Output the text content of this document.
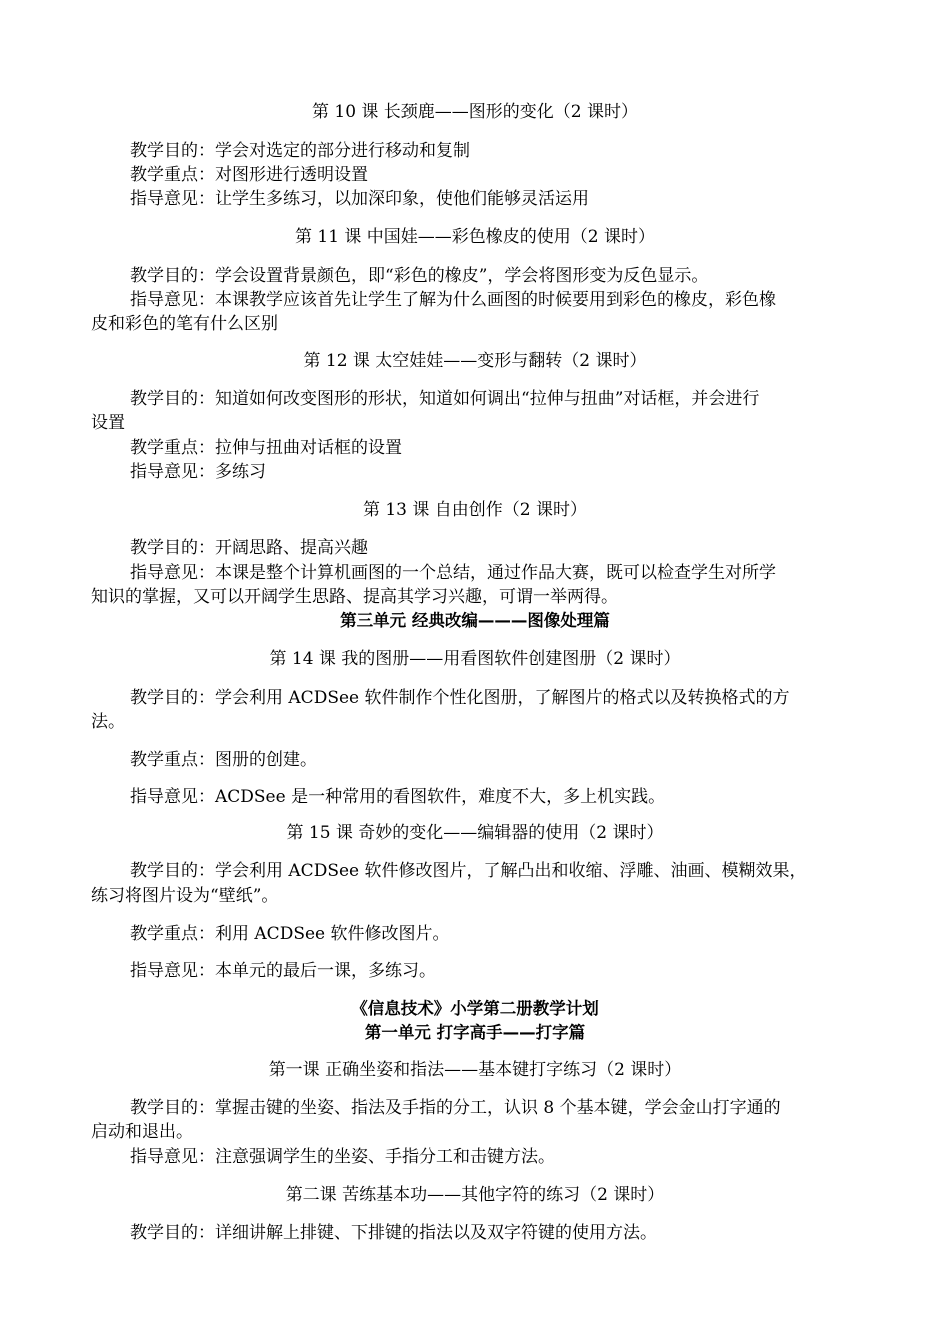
第 10 课 长颈鹿——图形的变化（2 课时）
教学目的：学会对选定的部分进行移动和复制
教学重点：对图形进行透明设置
指导意见：让学生多练习，以加深印象，使他们能够灵活运用
第 11 课 中国娃——彩色橡皮的使用（2 课时）
教学目的：学会设置背景颜色，即“彩色的橡皮”，学会将图形变为反色显示。
指导意见：本课教学应该首先让学生了解为什么画图的时候要用到彩色的橡皮，彩色橡
皮和彩色的笔有什么区别
第 12 课 太空娃娃——变形与翻转（2 课时）
教学目的：知道如何改变图形的形状，知道如何调出“拉伸与扭曲”对话框，并会进行
设置
教学重点：拉伸与扭曲对话框的设置
指导意见：多练习
第 13 课 自由创作（2 课时）
教学目的：开阔思路、提高兴趣
指导意见：本课是整个计算机画图的一个总结，通过作品大赛，既可以检查学生对所学
知识的掌握，又可以开阔学生思路、提高其学习兴趣，可谓一举两得。
第三单元 经典改编———图像处理篇
第 14 课 我的图册——用看图软件创建图册（2 课时）
教学目的：学会利用 ACDSee 软件制作个性化图册，了解图片的格式以及转换格式的方
法。
教学重点：图册的创建。
指导意见：ACDSee 是一种常用的看图软件，难度不大，多上机实践。
第 15 课 奇妙的变化——编辑器的使用（2 课时）
教学目的：学会利用 ACDSee 软件修改图片，了解凸出和收缩、浮雕、油画、模糊效果，
练习将图片设为“壁纸”。
教学重点：利用 ACDSee 软件修改图片。
指导意见：本单元的最后一课，多练习。
《信息技术》小学第二册教学计划
第一单元 打字高手——打字篇
第一课 正确坐姿和指法——基本键打字练习（2 课时）
教学目的：掌握击键的坐姿、指法及手指的分工，认识 8 个基本键，学会金山打字通的
启动和退出。
指导意见：注意强调学生的坐姿、手指分工和击键方法。
第二课 苦练基本功——其他字符的练习（2 课时）
教学目的：详细讲解上排键、下排键的指法以及双字符键的使用方法。
